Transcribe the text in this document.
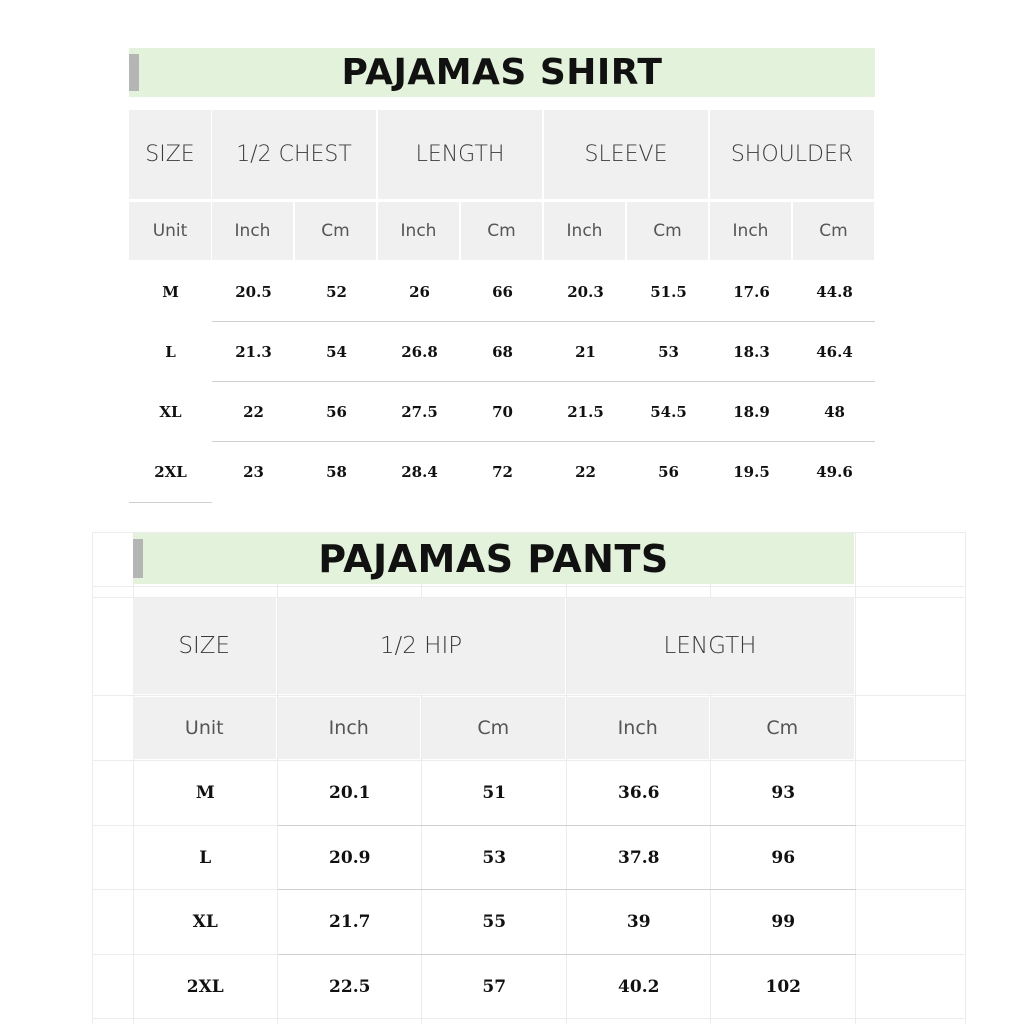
PAJAMAS SHIRT
SIZE	1/2 CHEST	LENGTH	SLEEVE	SHOULDER
Unit	Inch	Cm	Inch	Cm	Inch	Cm	Inch	Cm
M	20.5	52	26	66	20.3	51.5	17.6	44.8
L	21.3	54	26.8	68	21	53	18.3	46.4
XL	22	56	27.5	70	21.5	54.5	18.9	48
2XL	23	58	28.4	72	22	56	19.5	49.6
PAJAMAS PANTS
SIZE	1/2 HIP	LENGTH
Unit	Inch	Cm	Inch	Cm
M	20.1	51	36.6	93
L	20.9	53	37.8	96
XL	21.7	55	39	99
2XL	22.5	57	40.2	102
